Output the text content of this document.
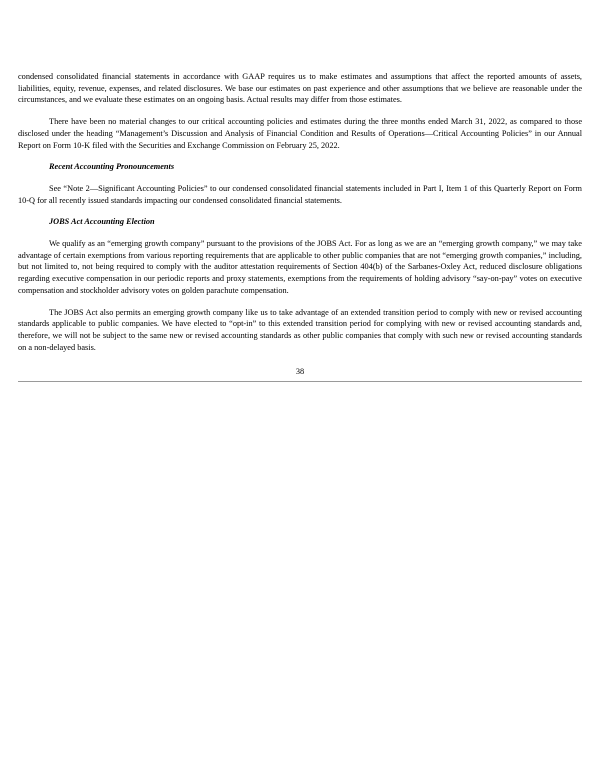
condensed consolidated financial statements in accordance with GAAP requires us to make estimates and assumptions that affect the reported amounts of assets, liabilities, equity, revenue, expenses, and related disclosures. We base our estimates on past experience and other assumptions that we believe are reasonable under the circumstances, and we evaluate these estimates on an ongoing basis. Actual results may differ from those estimates.

There have been no material changes to our critical accounting policies and estimates during the three months ended March 31, 2022, as compared to those disclosed under the heading “Management’s Discussion and Analysis of Financial Condition and Results of Operations—Critical Accounting Policies” in our Annual Report on Form 10-K filed with the Securities and Exchange Commission on February 25, 2022.

Recent Accounting Pronouncements

See “Note 2—Significant Accounting Policies” to our condensed consolidated financial statements included in Part I, Item 1 of this Quarterly Report on Form 10-Q for all recently issued standards impacting our condensed consolidated financial statements.

JOBS Act Accounting Election

We qualify as an “emerging growth company” pursuant to the provisions of the JOBS Act. For as long as we are an “emerging growth company,” we may take advantage of certain exemptions from various reporting requirements that are applicable to other public companies that are not “emerging growth companies,” including, but not limited to, not being required to comply with the auditor attestation requirements of Section 404(b) of the Sarbanes-Oxley Act, reduced disclosure obligations regarding executive compensation in our periodic reports and proxy statements, exemptions from the requirements of holding advisory “say-on-pay” votes on executive compensation and stockholder advisory votes on golden parachute compensation.

The JOBS Act also permits an emerging growth company like us to take advantage of an extended transition period to comply with new or revised accounting standards applicable to public companies. We have elected to “opt-in” to this extended transition period for complying with new or revised accounting standards and, therefore, we will not be subject to the same new or revised accounting standards as other public companies that comply with such new or revised accounting standards on a non-delayed basis.

38
